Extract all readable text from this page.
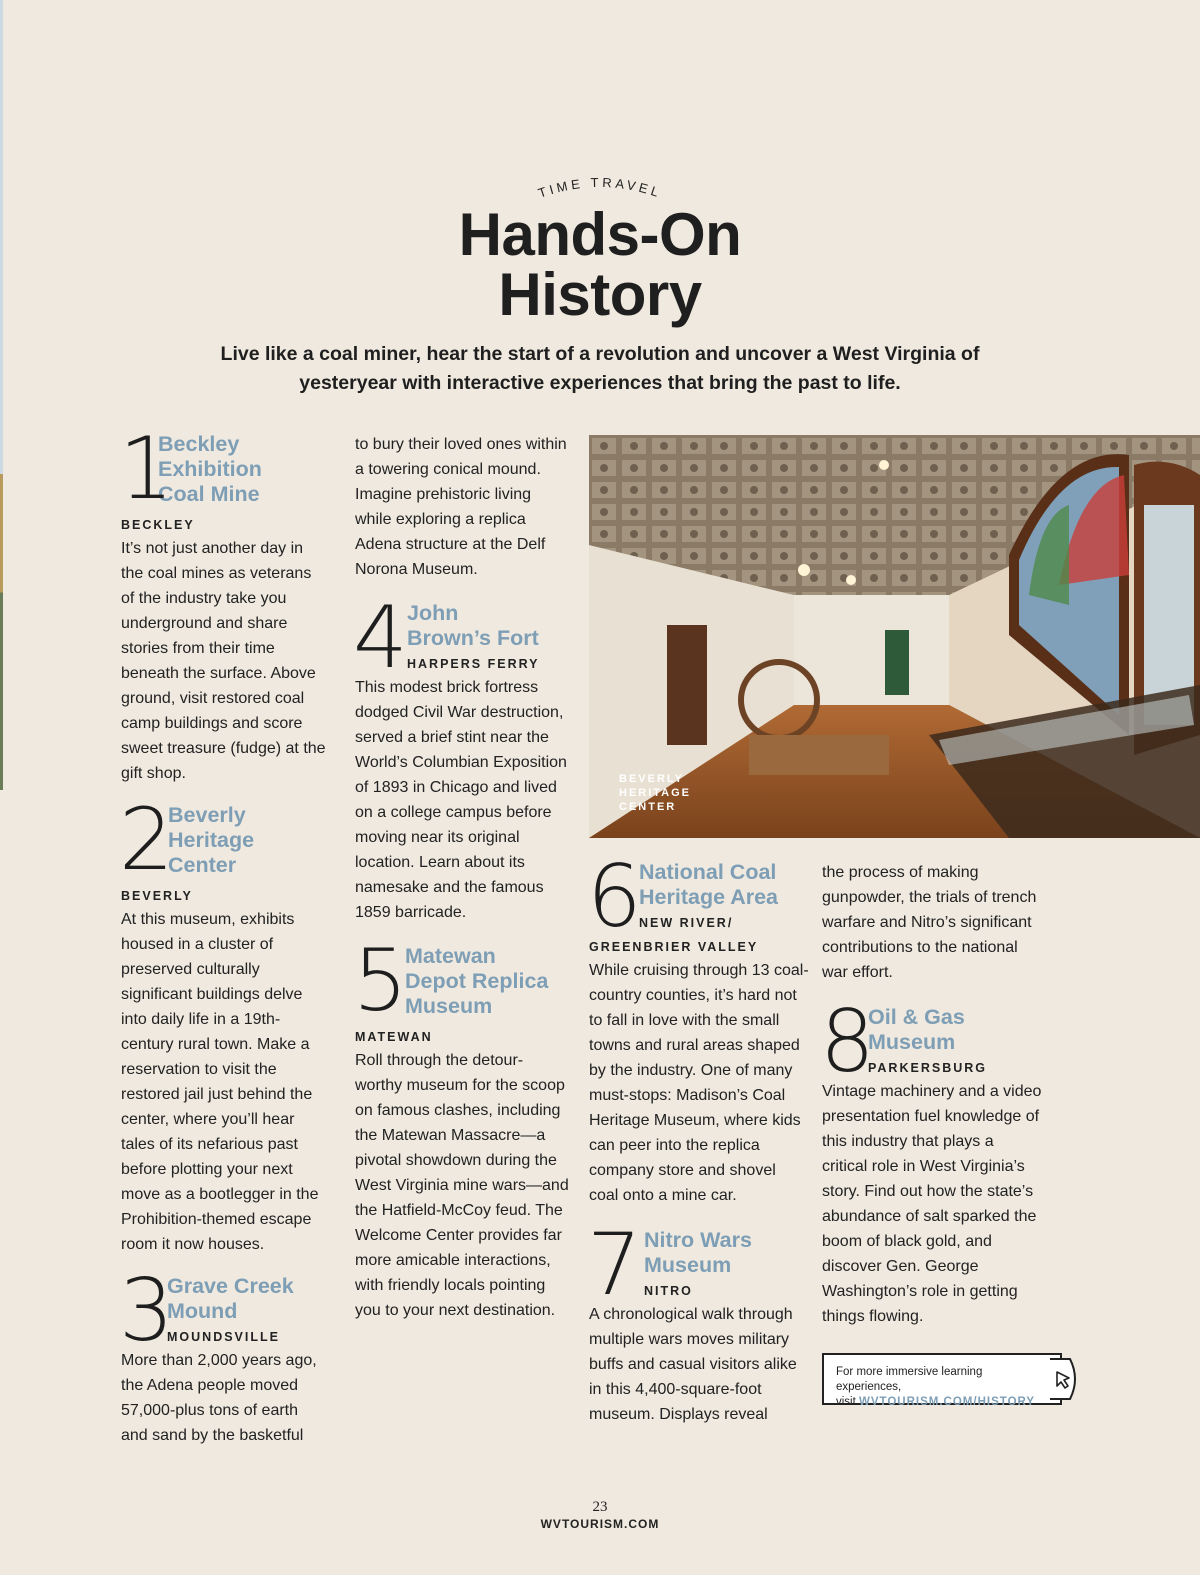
TIME TRAVEL
Hands-On
History

Live like a coal miner, hear the start of a revolution and uncover a West Virginia of yesteryear with interactive experiences that bring the past to life.

1
Beckley
Exhibition
Coal Mine
BECKLEY

It’s not just another day in the coal mines as veterans of the industry take you underground and share stories from their time beneath the surface. Above ground, visit restored coal camp buildings and score sweet treasure (fudge) at the gift shop.

2
Beverly
Heritage
Center
BEVERLY

At this museum, exhibits housed in a cluster of preserved culturally significant buildings delve into daily life in a 19th-century rural town. Make a reservation to visit the restored jail just behind the center, where you’ll hear tales of its nefarious past before plotting your next move as a bootlegger in the Prohibition-themed escape room it now houses.

3
Grave Creek
Mound
MOUNDSVILLE

More than 2,000 years ago, the Adena people moved 57,000-plus tons of earth and sand by the basketful

to bury their loved ones within a towering conical mound. Imagine prehistoric living while exploring a replica Adena structure at the Delf Norona Museum.

4 John
Brown’s Fort
HARPERS FERRY

This modest brick fortress dodged Civil War destruction, served a brief stint near the World’s Columbian Exposition of 1893 in Chicago and lived on a college campus before moving near its original location. Learn about its namesake and the famous 1859 barricade.

5
Matewan
Depot Replica
Museum
MATEWAN

Roll through the detour-worthy museum for the scoop on famous clashes, including the Matewan Massacre—a pivotal showdown during the West Virginia mine wars—and the Hatfield-McCoy feud. The Welcome Center provides far more amicable interactions, with friendly locals pointing you to your next destination.

BEVERLY
HERITAGE
CENTER
6
National Coal
Heritage Area
NEW RIVER/
GREENBRIER VALLEY

While cruising through 13 coal-country counties, it’s hard not to fall in love with the small towns and rural areas shaped by the industry. One of many must-stops: Madison’s Coal Heritage Museum, where kids can peer into the replica company store and shovel coal onto a mine car.

7 Nitro Wars
Museum
NITRO

A chronological walk through multiple wars moves military buffs and casual visitors alike in this 4,400-square-foot museum. Displays reveal

the process of making gunpowder, the trials of trench warfare and Nitro’s significant contributions to the national war effort.

8
Oil & Gas
Museum
PARKERSBURG

Vintage machinery and a video presentation fuel knowledge of this industry that plays a critical role in West Virginia’s story. Find out how the state’s abundance of salt sparked the boom of black gold, and discover Gen. George Washington’s role in getting things flowing.

For more immersive learning experiences,
visit WVTOURISM.COM/HISTORY
23
WVTOURISM.COM
